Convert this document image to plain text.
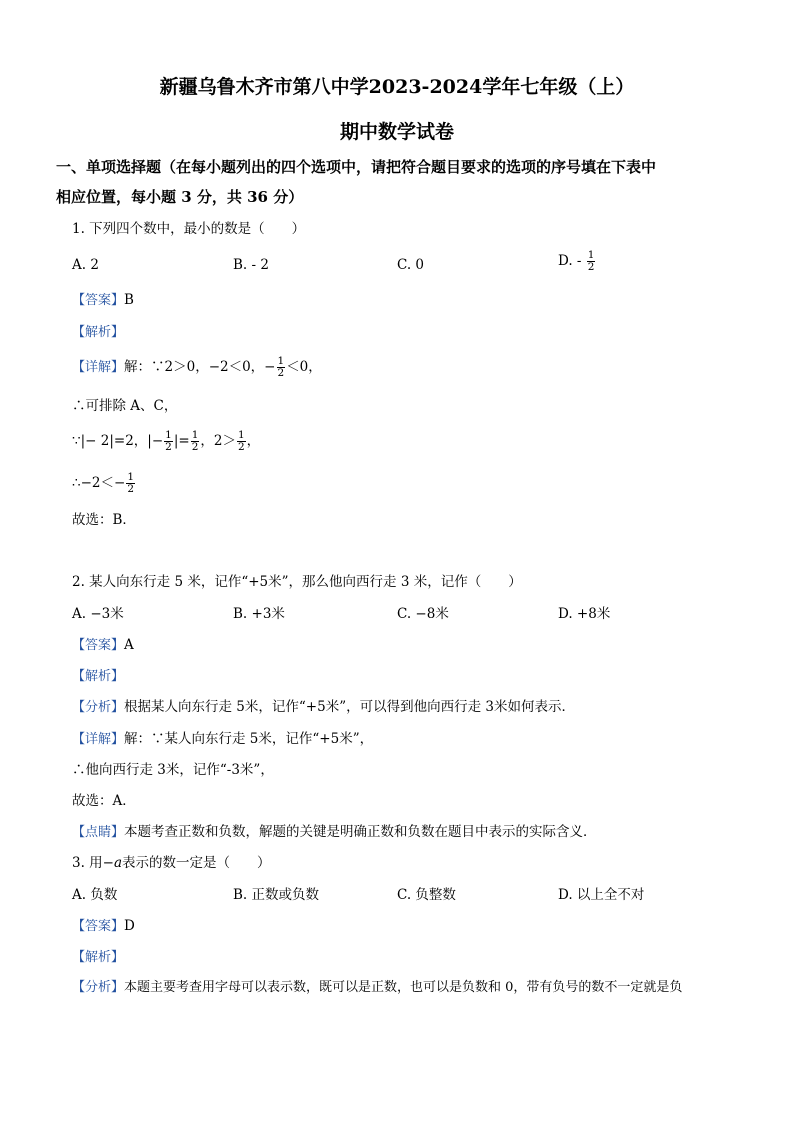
新疆乌鲁木齐市第八中学2023-2024学年七年级（上）
期中数学试卷
一、单项选择题（在每小题列出的四个选项中，请把符合题目要求的选项的序号填在下表中
相应位置，每小题 3 分，共 36 分）
1. 下列四个数中，最小的数是（　　）
A. 2	B. - 2	C. 0	D. - $\frac{1}{2}$
【答案】B
【解析】
【详解】解：∵2＞0，−2＜0，− $\frac{1}{2} <0$，
∴可排除 A、C，
∵|− 2|=2，|− $\frac{1}{2}$ |= $\frac{1}{2}$ ，$2> \frac{1}{2}$ ，
∴−2＜− $\frac{1}{2}$
故选：B．
2. 某人向东行走 5 米，记作“+5米”，那么他向西行走 3 米，记作（　　）
A. −3米	B. +3米	C. −8米	D. +8米
【答案】A
【解析】
【分析】根据某人向东行走 5米，记作“+5米”，可以得到他向西行走 3米如何表示．
【详解】解：∵某人向东行走 5米，记作“+5米”，
∴他向西行走 3米，记作“-3米”，
故选：A．
【点睛】本题考查正数和负数，解题的关键是明确正数和负数在题目中表示的实际含义．
3. 用−a表示的数一定是（　　）
A. 负数	B. 正数或负数	C. 负整数	D. 以上全不对
【答案】D
【解析】
【分析】本题主要考查用字母可以表示数，既可以是正数，也可以是负数和 0，带有负号的数不一定就是负
